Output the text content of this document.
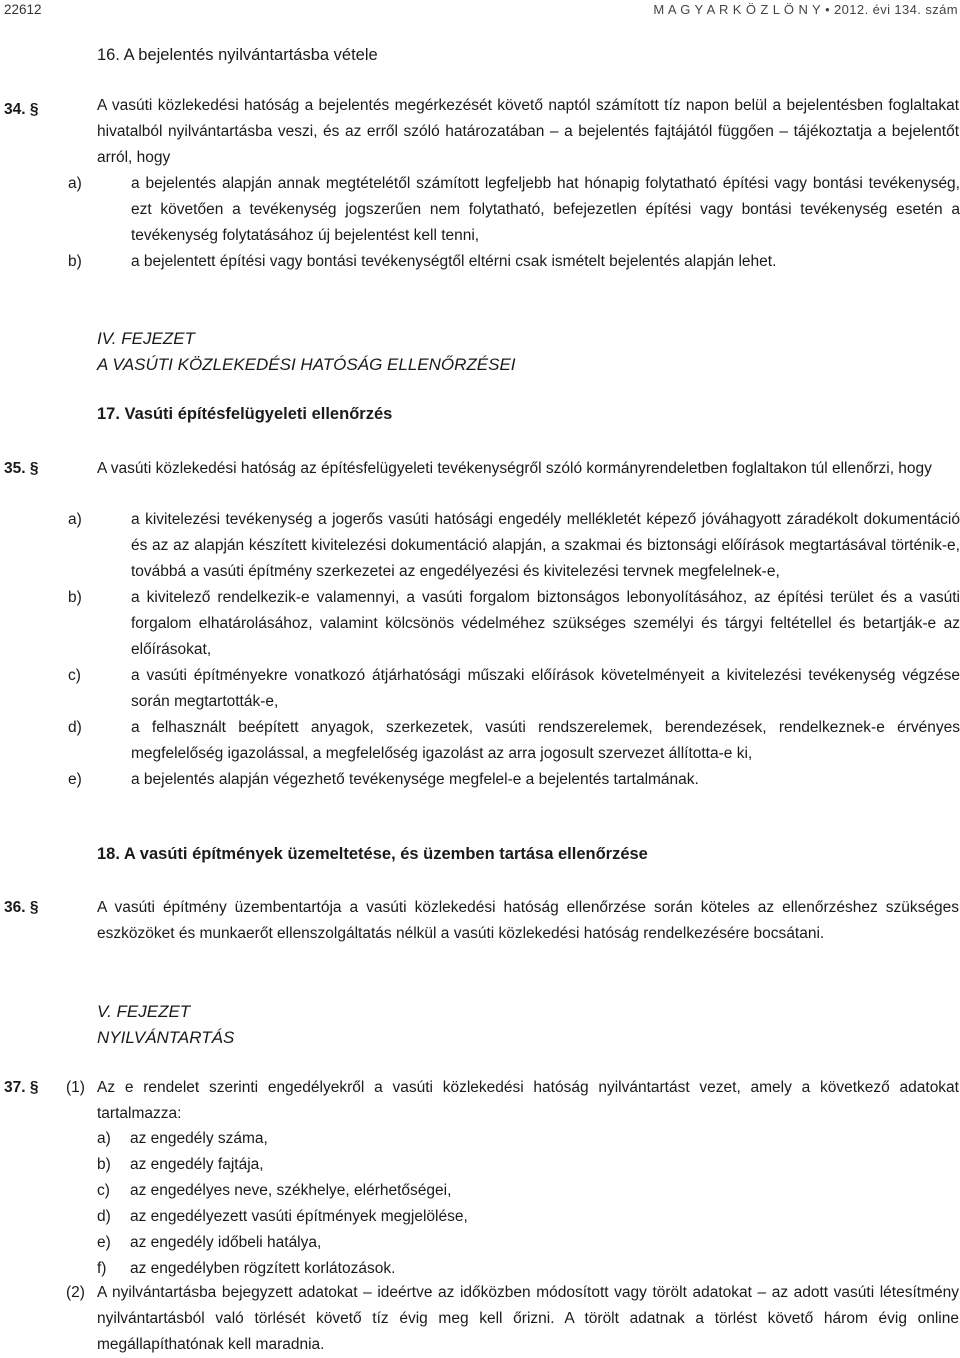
22612	M A G Y A R K Ö Z L Ö N Y • 2012. évi 134. szám
16. A bejelentés nyilvántartásba vétele
34. §	A vasúti közlekedési hatóság a bejelentés megérkezését követő naptól számított tíz napon belül a bejelentésben foglaltakat hivatalból nyilvántartásba veszi, és az erről szóló határozatában – a bejelentés fajtájától függően – tájékoztatja a bejelentőt arról, hogy
a)	a bejelentés alapján annak megtételétől számított legfeljebb hat hónapig folytatható építési vagy bontási tevékenység, ezt követően a tevékenység jogszerűen nem folytatható, befejezetlen építési vagy bontási tevékenység esetén a tevékenység folytatásához új bejelentést kell tenni,
b)	a bejelentett építési vagy bontási tevékenységtől eltérni csak ismételt bejelentés alapján lehet.
IV. FEJEZET
A VASÚTI KÖZLEKEDÉSI HATÓSÁG ELLENŐRZÉSEI
17. Vasúti építésfelügyeleti ellenőrzés
35. §	A vasúti közlekedési hatóság az építésfelügyeleti tevékenységről szóló kormányrendeletben foglaltakon túl ellenőrzi, hogy
a)	a kivitelezési tevékenység a jogerős vasúti hatósági engedély mellékletét képező jóváhagyott záradékolt dokumentáció és az az alapján készített kivitelezési dokumentáció alapján, a szakmai és biztonsági előírások megtartásával történik-e, továbbá a vasúti építmény szerkezetei az engedélyezési és kivitelezési tervnek megfelelnek-e,
b)	a kivitelező rendelkezik-e valamennyi, a vasúti forgalom biztonságos lebonyolításához, az építési terület és a vasúti forgalom elhatárolásához, valamint kölcsönös védelméhez szükséges személyi és tárgyi feltétellel és betartják-e az előírásokat,
c)	a vasúti építményekre vonatkozó átjárhatósági műszaki előírások követelményeit a kivitelezési tevékenység végzése során megtartották-e,
d)	a felhasznált beépített anyagok, szerkezetek, vasúti rendszerelemek, berendezések, rendelkeznek-e érvényes megfelelőség igazolással, a megfelelőség igazolást az arra jogosult szervezet állította-e ki,
e)	a bejelentés alapján végezhető tevékenysége megfelel-e a bejelentés tartalmának.
18. A vasúti építmények üzemeltetése, és üzemben tartása ellenőrzése
36. §	A vasúti építmény üzembentartója a vasúti közlekedési hatóság ellenőrzése során köteles az ellenőrzéshez szükséges eszközöket és munkaerőt ellenszolgáltatás nélkül a vasúti közlekedési hatóság rendelkezésére bocsátani.
V. FEJEZET
NYILVÁNTARTÁS
37. § (1) Az e rendelet szerinti engedélyekről a vasúti közlekedési hatóság nyilvántartást vezet, amely a következő adatokat tartalmazza:
a) az engedély száma,
b) az engedély fajtája,
c) az engedélyes neve, székhelye, elérhetőségei,
d) az engedélyezett vasúti építmények megjelölése,
e) az engedély időbeli hatálya,
f) az engedélyben rögzített korlátozások.
(2) A nyilvántartásba bejegyzett adatokat – ideértve az időközben módosított vagy törölt adatokat – az adott vasúti létesítmény nyilvántartásból való törlését követő tíz évig meg kell őrizni. A törölt adatnak a törlést követő három évig online megállapíthatónak kell maradnia.
